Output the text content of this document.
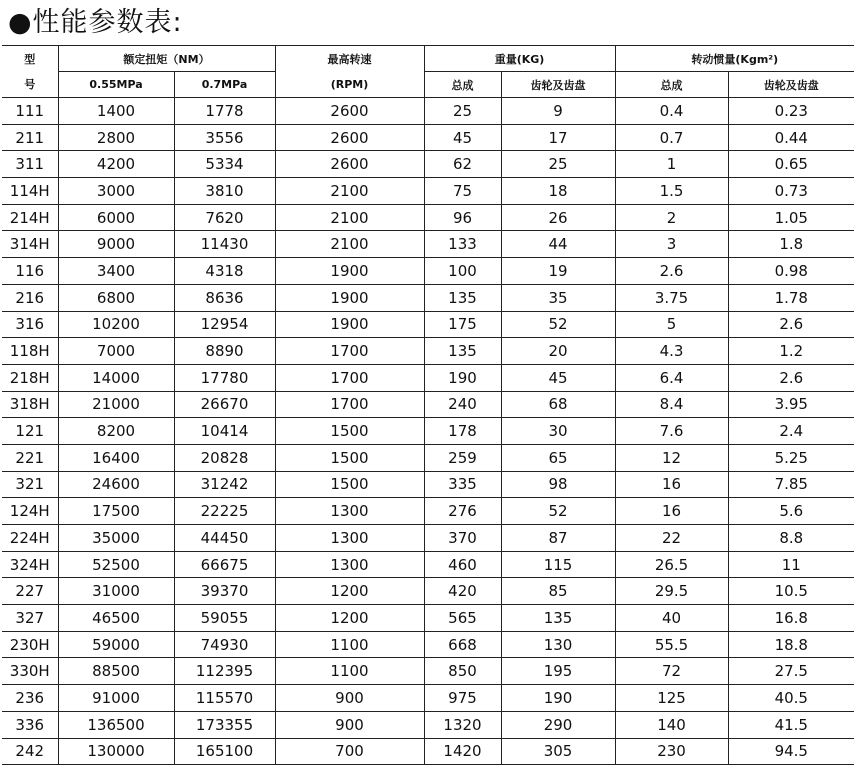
●性能参数表:
型	额定扭矩（NM）		最高转速	重量(KG)		转动惯量(Kgm²)	
号	0.55MPa	0.7MPa	(RPM)	总成	齿轮及齿盘	总成	齿轮及齿盘
111	1400	1778	2600	25	9	0.4	0.23
211	2800	3556	2600	45	17	0.7	0.44
311	4200	5334	2600	62	25	1	0.65
114H	3000	3810	2100	75	18	1.5	0.73
214H	6000	7620	2100	96	26	2	1.05
314H	9000	11430	2100	133	44	3	1.8
116	3400	4318	1900	100	19	2.6	0.98
216	6800	8636	1900	135	35	3.75	1.78
316	10200	12954	1900	175	52	5	2.6
118H	7000	8890	1700	135	20	4.3	1.2
218H	14000	17780	1700	190	45	6.4	2.6
318H	21000	26670	1700	240	68	8.4	3.95
121	8200	10414	1500	178	30	7.6	2.4
221	16400	20828	1500	259	65	12	5.25
321	24600	31242	1500	335	98	16	7.85
124H	17500	22225	1300	276	52	16	5.6
224H	35000	44450	1300	370	87	22	8.8
324H	52500	66675	1300	460	115	26.5	11
227	31000	39370	1200	420	85	29.5	10.5
327	46500	59055	1200	565	135	40	16.8
230H	59000	74930	1100	668	130	55.5	18.8
330H	88500	112395	1100	850	195	72	27.5
236	91000	115570	900	975	190	125	40.5
336	136500	173355	900	1320	290	140	41.5
242	130000	165100	700	1420	305	230	94.5
